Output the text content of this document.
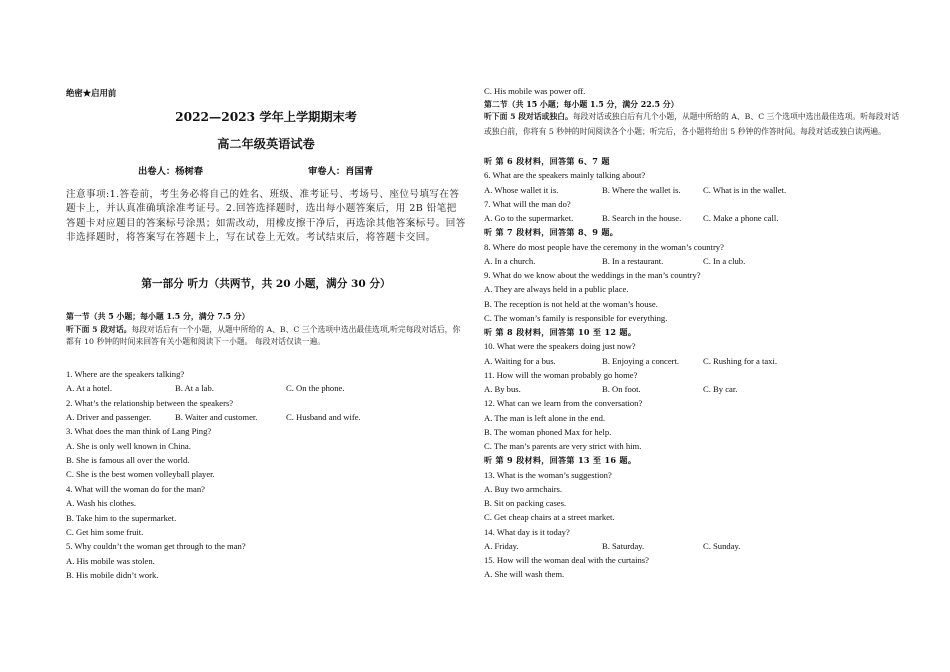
绝密★启用前
2022—2023 学年上学期期末考
高二年级英语试卷
出卷人：杨树春	审卷人：肖国青
注意事项:1.答卷前，考生务必将自己的姓名、班级、准考证号、考场号、座位号填写在答题卡上，并认真准确填涂准考证号。2.回答选择题时，选出每小题答案后，用 2B 铅笔把答题卡对应题目的答案标号涂黑；如需改动，用橡皮擦干净后，再选涂其他答案标号。回答非选择题时，将答案写在答题卡上，写在试卷上无效。考试结束后，将答题卡交回。
第一部分 听力（共两节，共 20 小题，满分 30 分）
第一节（共 5 小题；每小题 1.5 分，满分 7.5 分）
听下面 5 段对话。每段对话后有一个小题，从题中所给的 A、B、C 三个选项中选出最佳选项,听完每段对话后，你都有 10 秒钟的时间来回答有关小题和阅读下一小题。 每段对话仅读一遍。
1. Where are the speakers talking?
A. At a hotel.	B. At a lab.	C. On the phone.
2. What’s the relationship between the speakers?
A. Driver and passenger.	B. Waiter and customer.	C. Husband and wife.
3. What does the man think of Lang Ping?
A. She is only well known in China.
B. She is famous all over the world.
C. She is the best women volleyball player.
4. What will the woman do for the man?
A. Wash his clothes.
B. Take him to the supermarket.
C. Get him some fruit.
5. Why couldn’t the woman get through to the man?
A. His mobile was stolen.
B. His mobile didn’t work.
C. His mobile was power off.
第二节（共 15 小题；每小题 1.5 分，满分 22.5 分）
听下面 5 段对话或独白。每段对话或独白后有几个小题，从题中所给的 A、B、C 三个选项中选出最佳选项。听每段对话或独白前，你将有 5 秒钟的时间阅读各个小题；听完后，各小题将给出 5 秒钟的作答时间。每段对话或独白读两遍。
听 第 6 段材料，回答第 6、7 题
6. What are the speakers mainly talking about?
A. Whose wallet it is.	B. Where the wallet is.	C. What is in the wallet.
7. What will the man do?
A. Go to the supermarket.	B. Search in the house.	C. Make a phone call.
听 第 7 段材料，回答第 8、9 题。
8. Where do most people have the ceremony in the woman’s country?
A. In a church.	B. In a restaurant.	C. In a club.
9. What do we know about the weddings in the man’s country?
A. They are always held in a public place.
B. The reception is not held at the woman’s house.
C. The woman’s family is responsible for everything.
听 第 8 段材料，回答第 10 至 12 题。
10. What were the speakers doing just now?
A. Waiting for a bus.	B. Enjoying a concert.	C. Rushing for a taxi.
11. How will the woman probably go home?
A. By bus.	B. On foot.	C. By car.
12. What can we learn from the conversation?
A. The man is left alone in the end.
B. The woman phoned Max for help.
C. The man’s parents are very strict with him.
听 第 9 段材料，回答第 13 至 16 题。
13. What is the woman’s suggestion?
A. Buy two armchairs.
B. Sit on packing cases.
C. Get cheap chairs at a street market.
14. What day is it today?
A. Friday.	B. Saturday.	C. Sunday.
15. How will the woman deal with the curtains?
A. She will wash them.
